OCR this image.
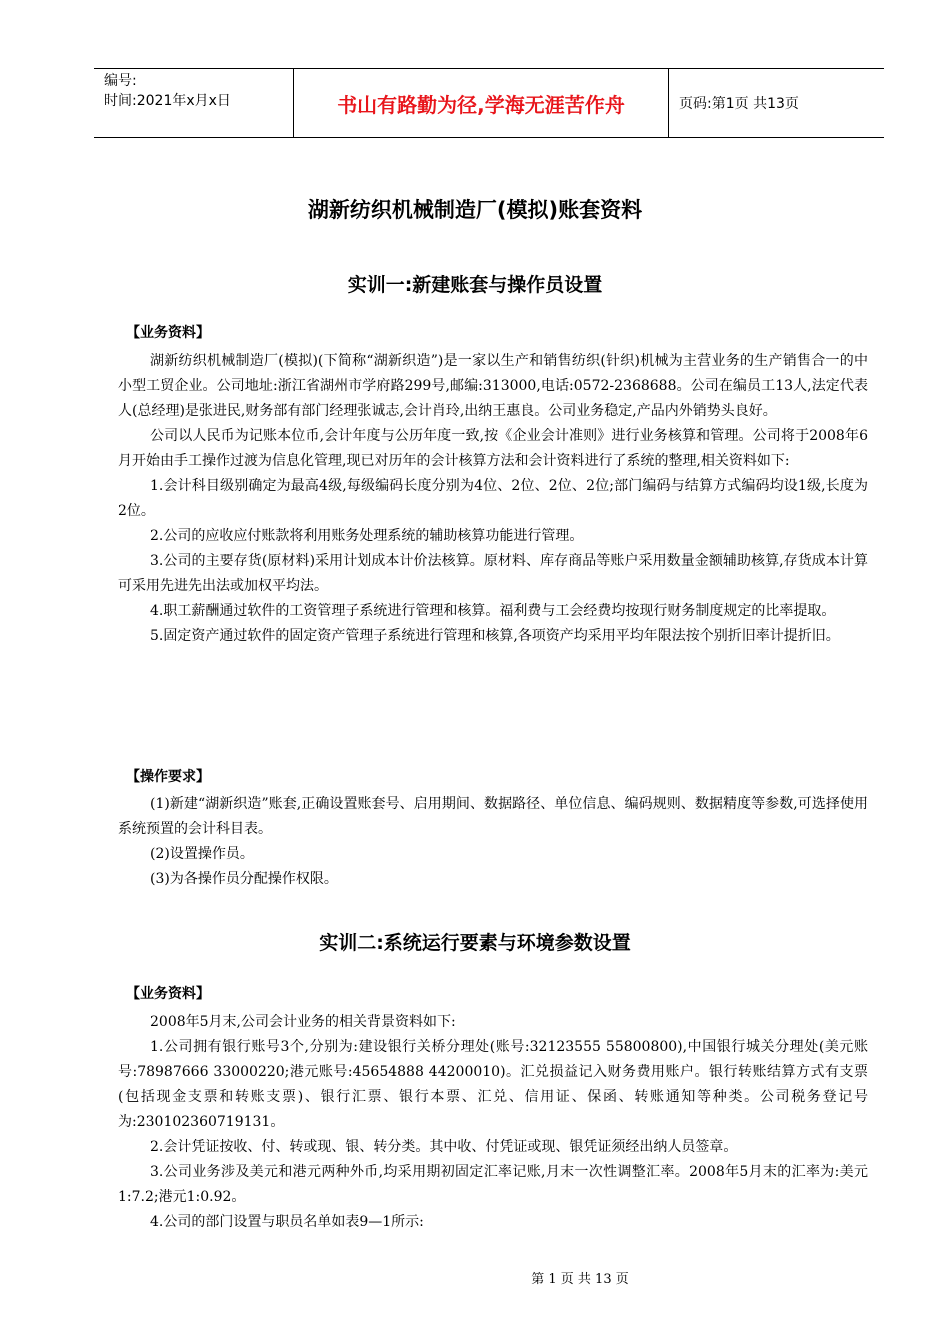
编号:
时间:2021年x月x日	书山有路勤为径,学海无涯苦作舟	页码:第1页 共13页
湖新纺织机械制造厂(模拟)账套资料
实训一:新建账套与操作员设置
【业务资料】

湖新纺织机械制造厂(模拟)(下简称“湖新织造”)是一家以生产和销售纺织(针织)机械为主营业务的生产销售合一的中小型工贸企业。公司地址:浙江省湖州市学府路299号,邮编:313000,电话:0572-2368688。公司在编员工13人,法定代表人(总经理)是张进民,财务部有部门经理张诚志,会计肖玲,出纳王惠良。公司业务稳定,产品内外销势头良好。

公司以人民币为记账本位币,会计年度与公历年度一致,按《企业会计准则》进行业务核算和管理。公司将于2008年6月开始由手工操作过渡为信息化管理,现已对历年的会计核算方法和会计资料进行了系统的整理,相关资料如下:

1.会计科目级别确定为最高4级,每级编码长度分别为4位、2位、2位、2位;部门编码与结算方式编码均设1级,长度为2位。

2.公司的应收应付账款将利用账务处理系统的辅助核算功能进行管理。

3.公司的主要存货(原材料)采用计划成本计价法核算。原材料、库存商品等账户采用数量金额辅助核算,存货成本计算可采用先进先出法或加权平均法。

4.职工薪酬通过软件的工资管理子系统进行管理和核算。福利费与工会经费均按现行财务制度规定的比率提取。

5.固定资产通过软件的固定资产管理子系统进行管理和核算,各项资产均采用平均年限法按个别折旧率计提折旧。

【操作要求】

(1)新建“湖新织造”账套,正确设置账套号、启用期间、数据路径、单位信息、编码规则、数据精度等参数,可选择使用系统预置的会计科目表。

(2)设置操作员。

(3)为各操作员分配操作权限。

实训二:系统运行要素与环境参数设置
【业务资料】

2008年5月末,公司会计业务的相关背景资料如下:

1.公司拥有银行账号3个,分别为:建设银行关桥分理处(账号:32123555 55800800),中国银行城关分理处(美元账号:78987666 33000220;港元账号:45654888 44200010)。汇兑损益记入财务费用账户。银行转账结算方式有支票(包括现金支票和转账支票)、银行汇票、银行本票、汇兑、信用证、保函、转账通知等种类。公司税务登记号为:230102360719131。

2.会计凭证按收、付、转或现、银、转分类。其中收、付凭证或现、银凭证须经出纳人员签章。

3.公司业务涉及美元和港元两种外币,均采用期初固定汇率记账,月末一次性调整汇率。2008年5月末的汇率为:美元1:7.2;港元1:0.92。

4.公司的部门设置与职员名单如表9—1所示:

第 1 页 共 13 页
